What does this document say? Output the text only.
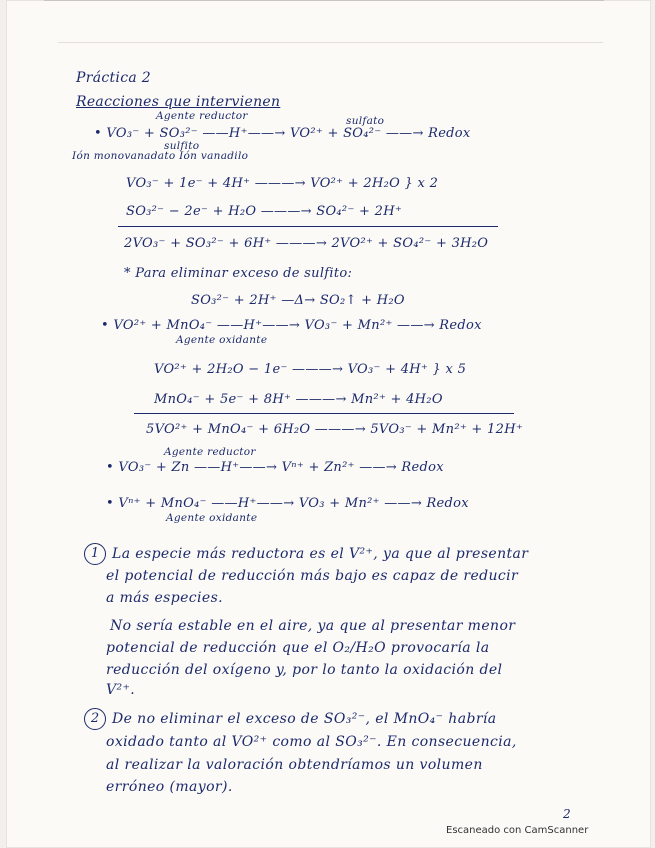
Práctica 2
Reacciones que intervienen
Agente reductor	sulfato
• VO₃⁻ + SO₃²⁻ ——H⁺——→ VO²⁺ + SO₄²⁻ ——→ Redox
sulfito
Ión monovanadato Ión vanadilo
VO₃⁻ + 1e⁻ + 4H⁺ ———→ VO²⁺ + 2H₂O } x 2
SO₃²⁻ − 2e⁻ + H₂O ———→ SO₄²⁻ + 2H⁺
2VO₃⁻ + SO₃²⁻ + 6H⁺ ———→ 2VO²⁺ + SO₄²⁻ + 3H₂O
* Para eliminar exceso de sulfito:
SO₃²⁻ + 2H⁺ —Δ→ SO₂↑ + H₂O
• VO²⁺ + MnO₄⁻ ——H⁺——→ VO₃⁻ + Mn²⁺ ——→ Redox
Agente oxidante
VO²⁺ + 2H₂O − 1e⁻ ———→ VO₃⁻ + 4H⁺ } x 5
MnO₄⁻ + 5e⁻ + 8H⁺ ———→ Mn²⁺ + 4H₂O
5VO²⁺ + MnO₄⁻ + 6H₂O ———→ 5VO₃⁻ + Mn²⁺ + 12H⁺
Agente reductor
• VO₃⁻ + Zn ——H⁺——→ Vⁿ⁺ + Zn²⁺ ——→ Redox
• Vⁿ⁺ + MnO₄⁻ ——H⁺——→ VO₃ + Mn²⁺ ——→ Redox
Agente oxidante
1 La especie más reductora es el V²⁺, ya que al presentar
el potencial de reducción más bajo es capaz de reducir
a más especies.
No sería estable en el aire, ya que al presentar menor
potencial de reducción que el O₂/H₂O provocaría la
reducción del oxígeno y, por lo tanto la oxidación del
V²⁺.
2 De no eliminar el exceso de SO₃²⁻, el MnO₄⁻ habría
oxidado tanto al VO²⁺ como al SO₃²⁻. En consecuencia,
al realizar la valoración obtendríamos un volumen
erróneo (mayor).
2
Escaneado con CamScanner
